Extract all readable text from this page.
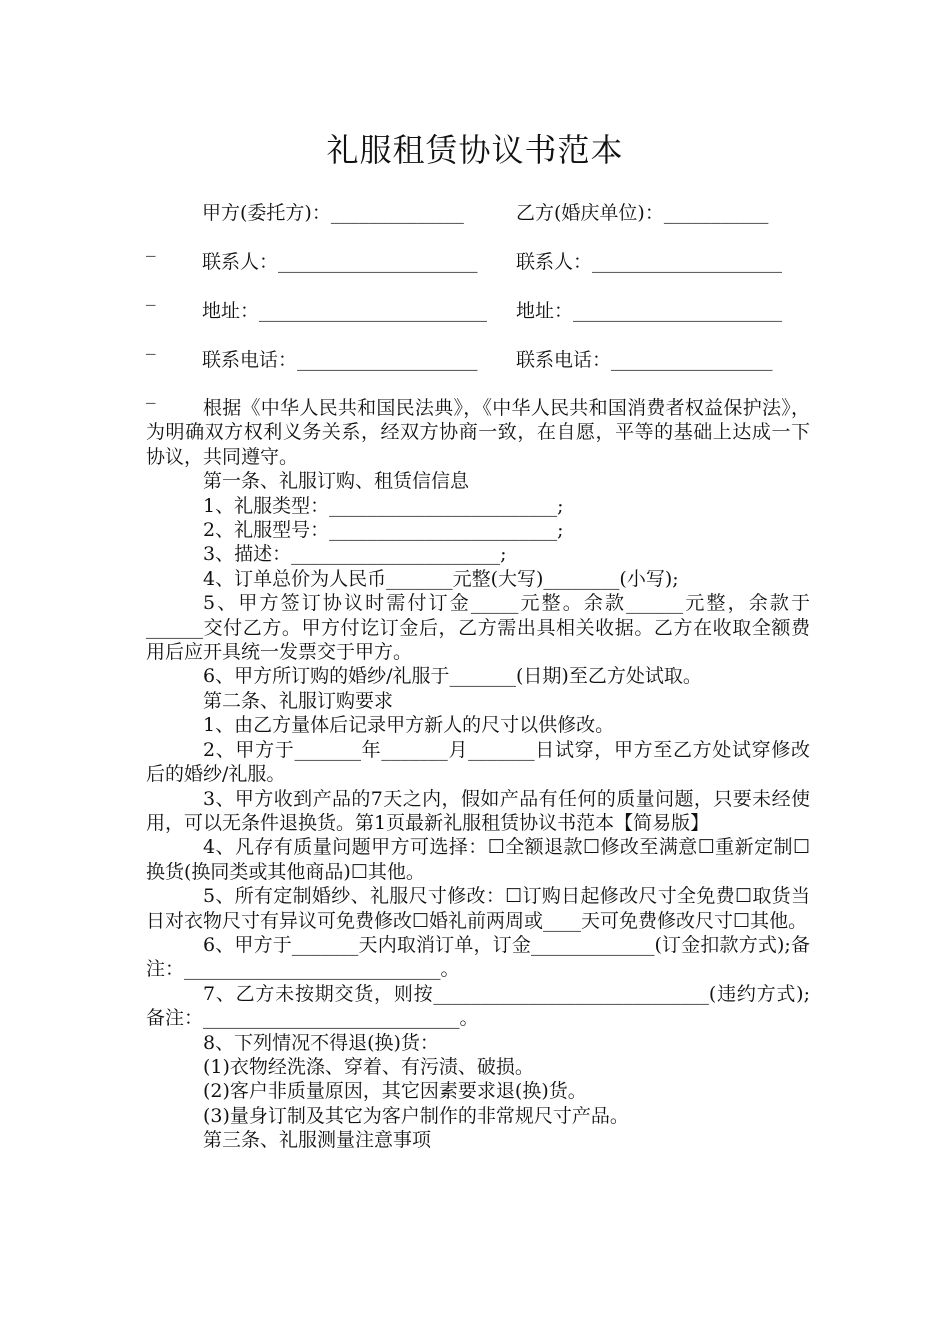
礼服租赁协议书范本
甲方(委托方)：______________	乙方(婚庆单位)：___________
_
联系人：_____________________ 联系人：____________________
_
地址：________________________ 地址：______________________
_
联系电话：___________________ 联系电话：_________________
_

根据《中华人民共和国民法典》，《中华人民共和国消费者权益保护法》，为明确双方权利义务关系，经双方协商一致，在自愿，平等的基础上达成一下协议，共同遵守。

第一条、礼服订购、租赁信信息

1、礼服类型：________________________;

2、礼服型号：________________________;

3、描述：______________________;

4、订单总价为人民币_______元整(大写)________(小写);

5、甲方签订协议时需付订金_____元整。余款______元整，余款于______交付乙方。甲方付讫订金后，乙方需出具相关收据。乙方在收取全额费用后应开具统一发票交于甲方。

6、甲方所订购的婚纱/礼服于_______(日期)至乙方处试取。

第二条、礼服订购要求

1、由乙方量体后记录甲方新人的尺寸以供修改。

2、甲方于_______年_______月_______日试穿，甲方至乙方处试穿修改后的婚纱/礼服。

3、甲方收到产品的7天之内，假如产品有任何的质量问题，只要未经使用，可以无条件退换货。第1页最新礼服租赁协议书范本【简易版】

4、凡存有质量问题甲方可选择：☐全额退款☐修改至满意☐重新定制☐换货(换同类或其他商品)☐其他。

5、所有定制婚纱、礼服尺寸修改：☐订购日起修改尺寸全免费☐取货当日对衣物尺寸有异议可免费修改☐婚礼前两周或____天可免费修改尺寸☐其他。

6、甲方于_______天内取消订单，订金_____________(订金扣款方式);备注：___________________________。

7、乙方未按期交货，则按_____________________________(违约方式);备注：___________________________。

8、下列情况不得退(换)货：

(1)衣物经洗涤、穿着、有污渍、破损。

(2)客户非质量原因，其它因素要求退(换)货。

(3)量身订制及其它为客户制作的非常规尺寸产品。

第三条、礼服测量注意事项
